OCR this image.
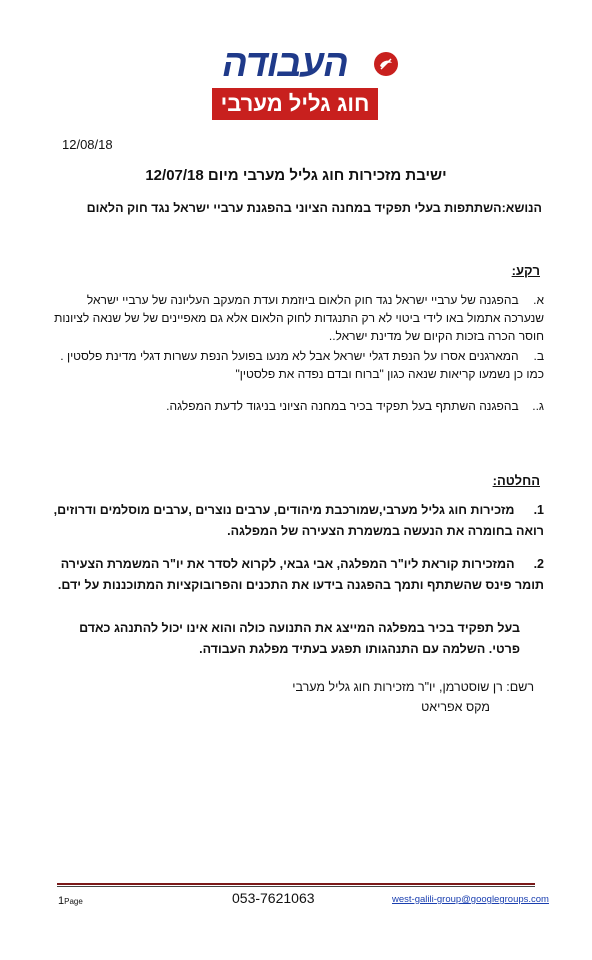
העבודה
חוג גליל מערבי
12/08/18
ישיבת מזכירות חוג גליל מערבי מיום 12/07/18
הנושא:השתתפות בעלי תפקיד במחנה הציוני בהפגנת ערביי ישראל נגד חוק הלאום
רקע:
א. בהפגנה של ערביי ישראל נגד חוק הלאום ביוזמת ועדת המעקב העליונה של ערביי ישראל שנערכה אתמול באו לידי ביטוי לא רק התנגדות לחוק הלאום אלא גם מאפיינים של של שנאה לציונות חוסר הכרה בזכות הקיום של מדינת ישראל..
ב. המארגנים אסרו על הנפת דגלי ישראל אבל לא מנעו בפועל הנפת עשרות דגלי מדינת פלסטין . כמו כן נשמעו קריאות שנאה כגון "ברוח ובדם נפדה את פלסטין"
ג.. בהפגנה השתתף בעל תפקיד בכיר במחנה הציוני בניגוד לדעת המפלגה.
החלטה:
1. מזכירות חוג גליל מערבי,שמורכבת מיהודים, ערבים נוצרים ,ערבים מוסלמים ודרוזים, רואה בחומרה את הנעשה במשמרת הצעירה של המפלגה.
2. המזכירות קוראת ליו"ר המפלגה, אבי גבאי, לקרוא לסדר את יו"ר המשמרת הצעירה תומר פינס שהשתתף ותמך בהפגנה בידעו את התכנים והפרובוקציות המתוכננות על ידם.
בעל תפקיד בכיר במפלגה המייצג את התנועה כולה והוא אינו יכול להתנהג כאדם פרטי. השלמה עם התנהגותו תפגע בעתיד מפלגת העבודה.
רשם: רן שוסטרמן, יו"ר מזכירות חוג גליל מערבי
מקס אפריאט
1Page	053-7621063	west-galili-group@googlegroups.com
